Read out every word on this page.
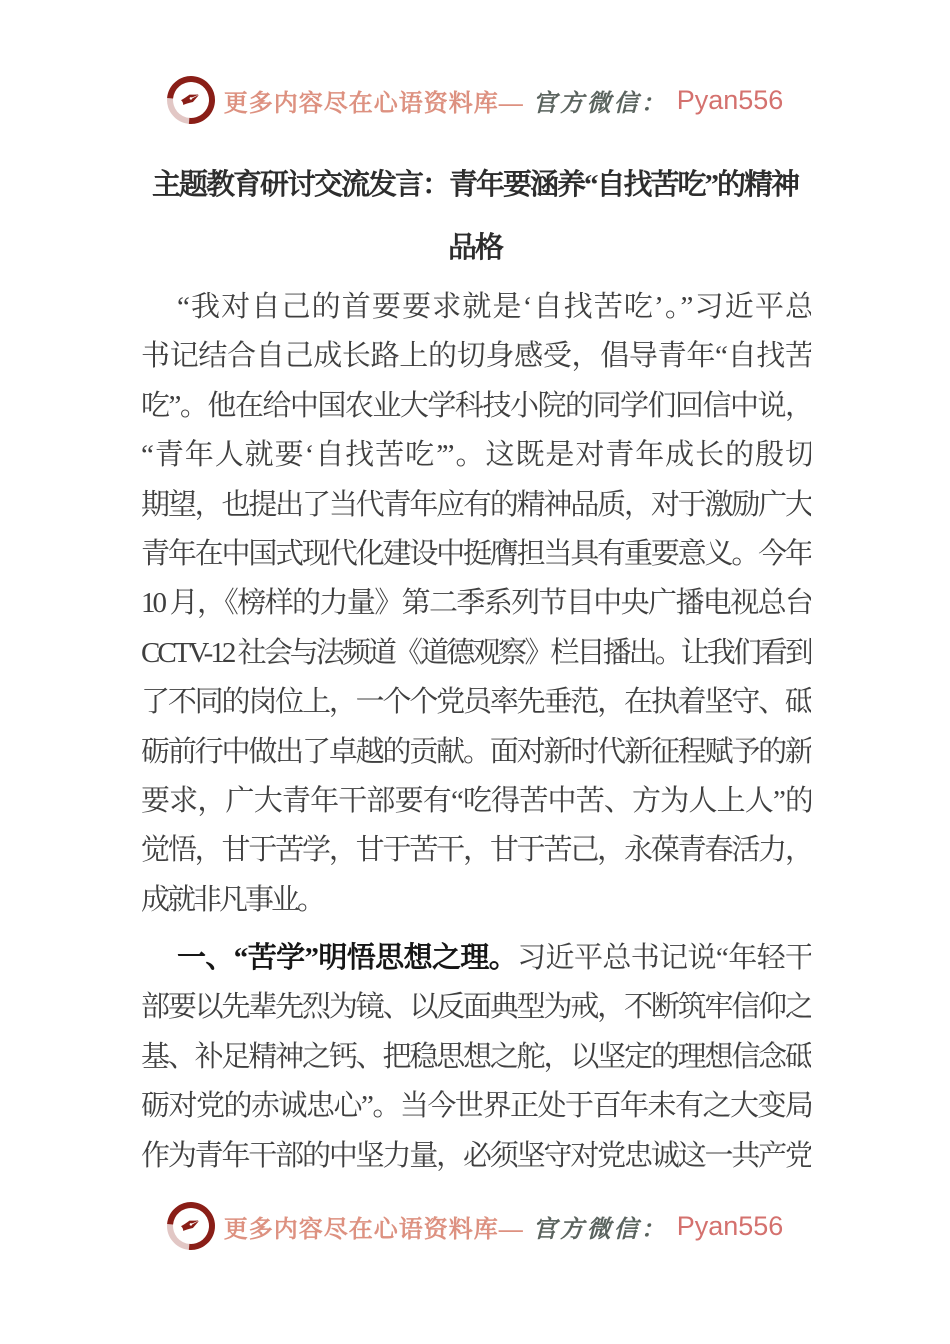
✒ 更多内容尽在心语资料库— 官方微信： Pyan556
主题教育研讨交流发言：青年要涵养“自找苦吃”的精神
品格
“我对自己的首要要求就是‘自找苦吃’。”习近平总
书记结合自己成长路上的切身感受，倡导青年“自找苦
吃”。他在给中国农业大学科技小院的同学们回信中说，
“青年人就要‘自找苦吃’”。这既是对青年成长的殷切
期望，也提出了当代青年应有的精神品质，对于激励广大
青年在中国式现代化建设中挺膺担当具有重要意义。今年
10 月，《榜样的力量》第二季系列节目中央广播电视总台
CCTV-12 社会与法频道《道德观察》栏目播出。让我们看到
了不同的岗位上，一个个党员率先垂范，在执着坚守、砥
砺前行中做出了卓越的贡献。面对新时代新征程赋予的新
要求，广大青年干部要有“吃得苦中苦、方为人上人”的
觉悟，甘于苦学，甘于苦干，甘于苦己，永葆青春活力，
成就非凡事业。
一、“苦学”明悟思想之理。习近平总书记说“年轻干
部要以先辈先烈为镜、以反面典型为戒，不断筑牢信仰之
基、补足精神之钙、把稳思想之舵，以坚定的理想信念砥
砺对党的赤诚忠心”。当今世界正处于百年未有之大变局
作为青年干部的中坚力量，必须坚守对党忠诚这一共产党
✒ 更多内容尽在心语资料库— 官方微信： Pyan556
